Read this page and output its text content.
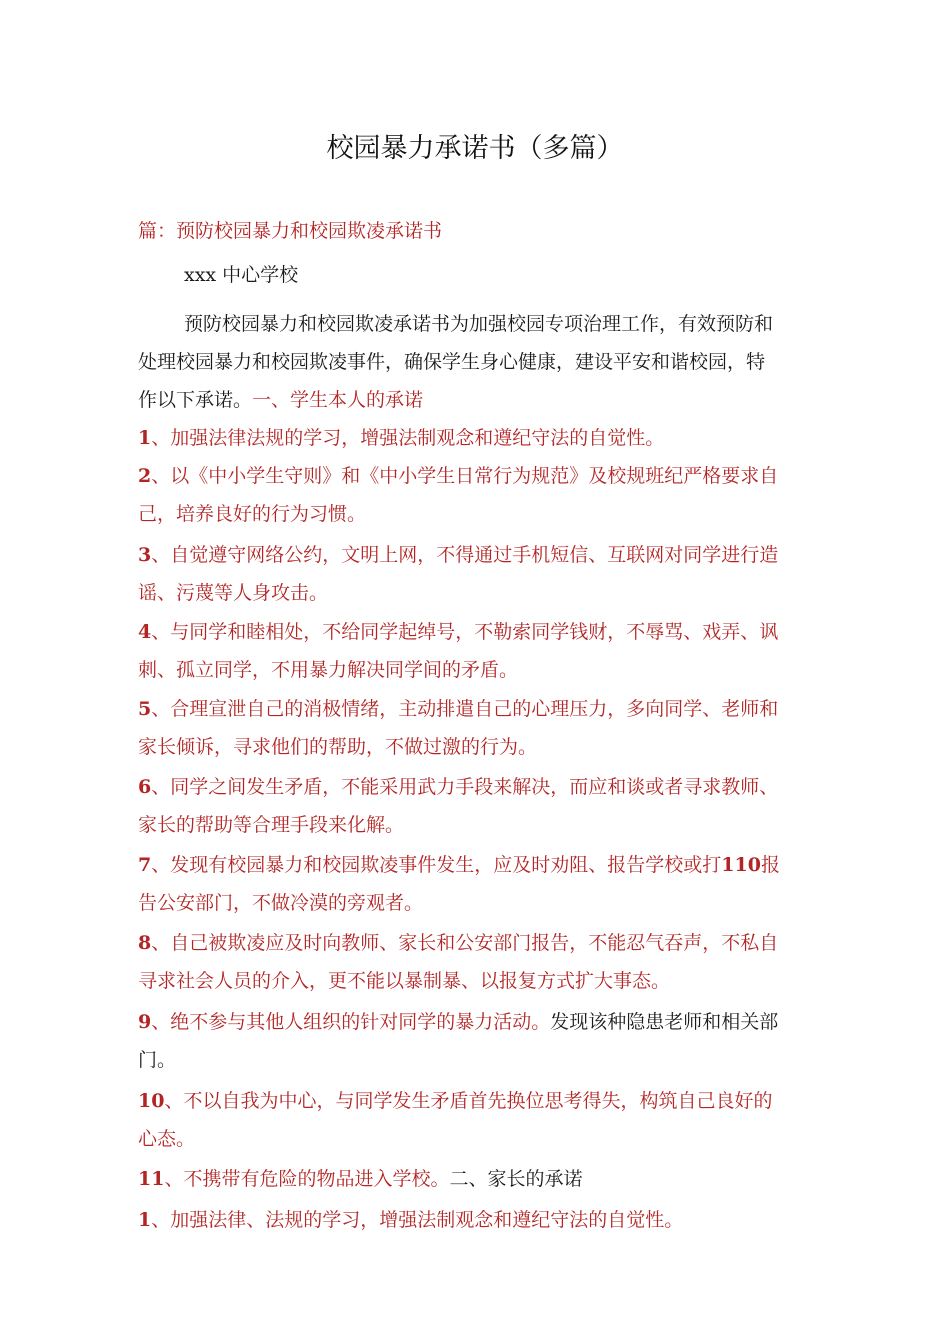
校园暴力承诺书（多篇）
篇：预防校园暴力和校园欺凌承诺书
xxx 中心学校
预防校园暴力和校园欺凌承诺书为加强校园专项治理工作，有效预防和
处理校园暴力和校园欺凌事件，确保学生身心健康，建设平安和谐校园，特
作以下承诺。一、学生本人的承诺
1、加强法律法规的学习，增强法制观念和遵纪守法的自觉性。
2、以《中小学生守则》和《中小学生日常行为规范》及校规班纪严格要求自
己，培养良好的行为习惯。
3、自觉遵守网络公约，文明上网，不得通过手机短信、互联网对同学进行造
谣、污蔑等人身攻击。
4、与同学和睦相处，不给同学起绰号，不勒索同学钱财，不辱骂、戏弄、讽
刺、孤立同学，不用暴力解决同学间的矛盾。
5、合理宣泄自己的消极情绪，主动排遣自己的心理压力，多向同学、老师和
家长倾诉，寻求他们的帮助，不做过激的行为。
6、同学之间发生矛盾，不能采用武力手段来解决，而应和谈或者寻求教师、
家长的帮助等合理手段来化解。
7、发现有校园暴力和校园欺凌事件发生，应及时劝阻、报告学校或打110报
告公安部门，不做冷漠的旁观者。
8、自己被欺凌应及时向教师、家长和公安部门报告，不能忍气吞声，不私自
寻求社会人员的介入，更不能以暴制暴、以报复方式扩大事态。
9、绝不参与其他人组织的针对同学的暴力活动。发现该种隐患老师和相关部
门。
10、不以自我为中心，与同学发生矛盾首先换位思考得失，构筑自己良好的
心态。
11、不携带有危险的物品进入学校。二、家长的承诺
1、加强法律、法规的学习，增强法制观念和遵纪守法的自觉性。
